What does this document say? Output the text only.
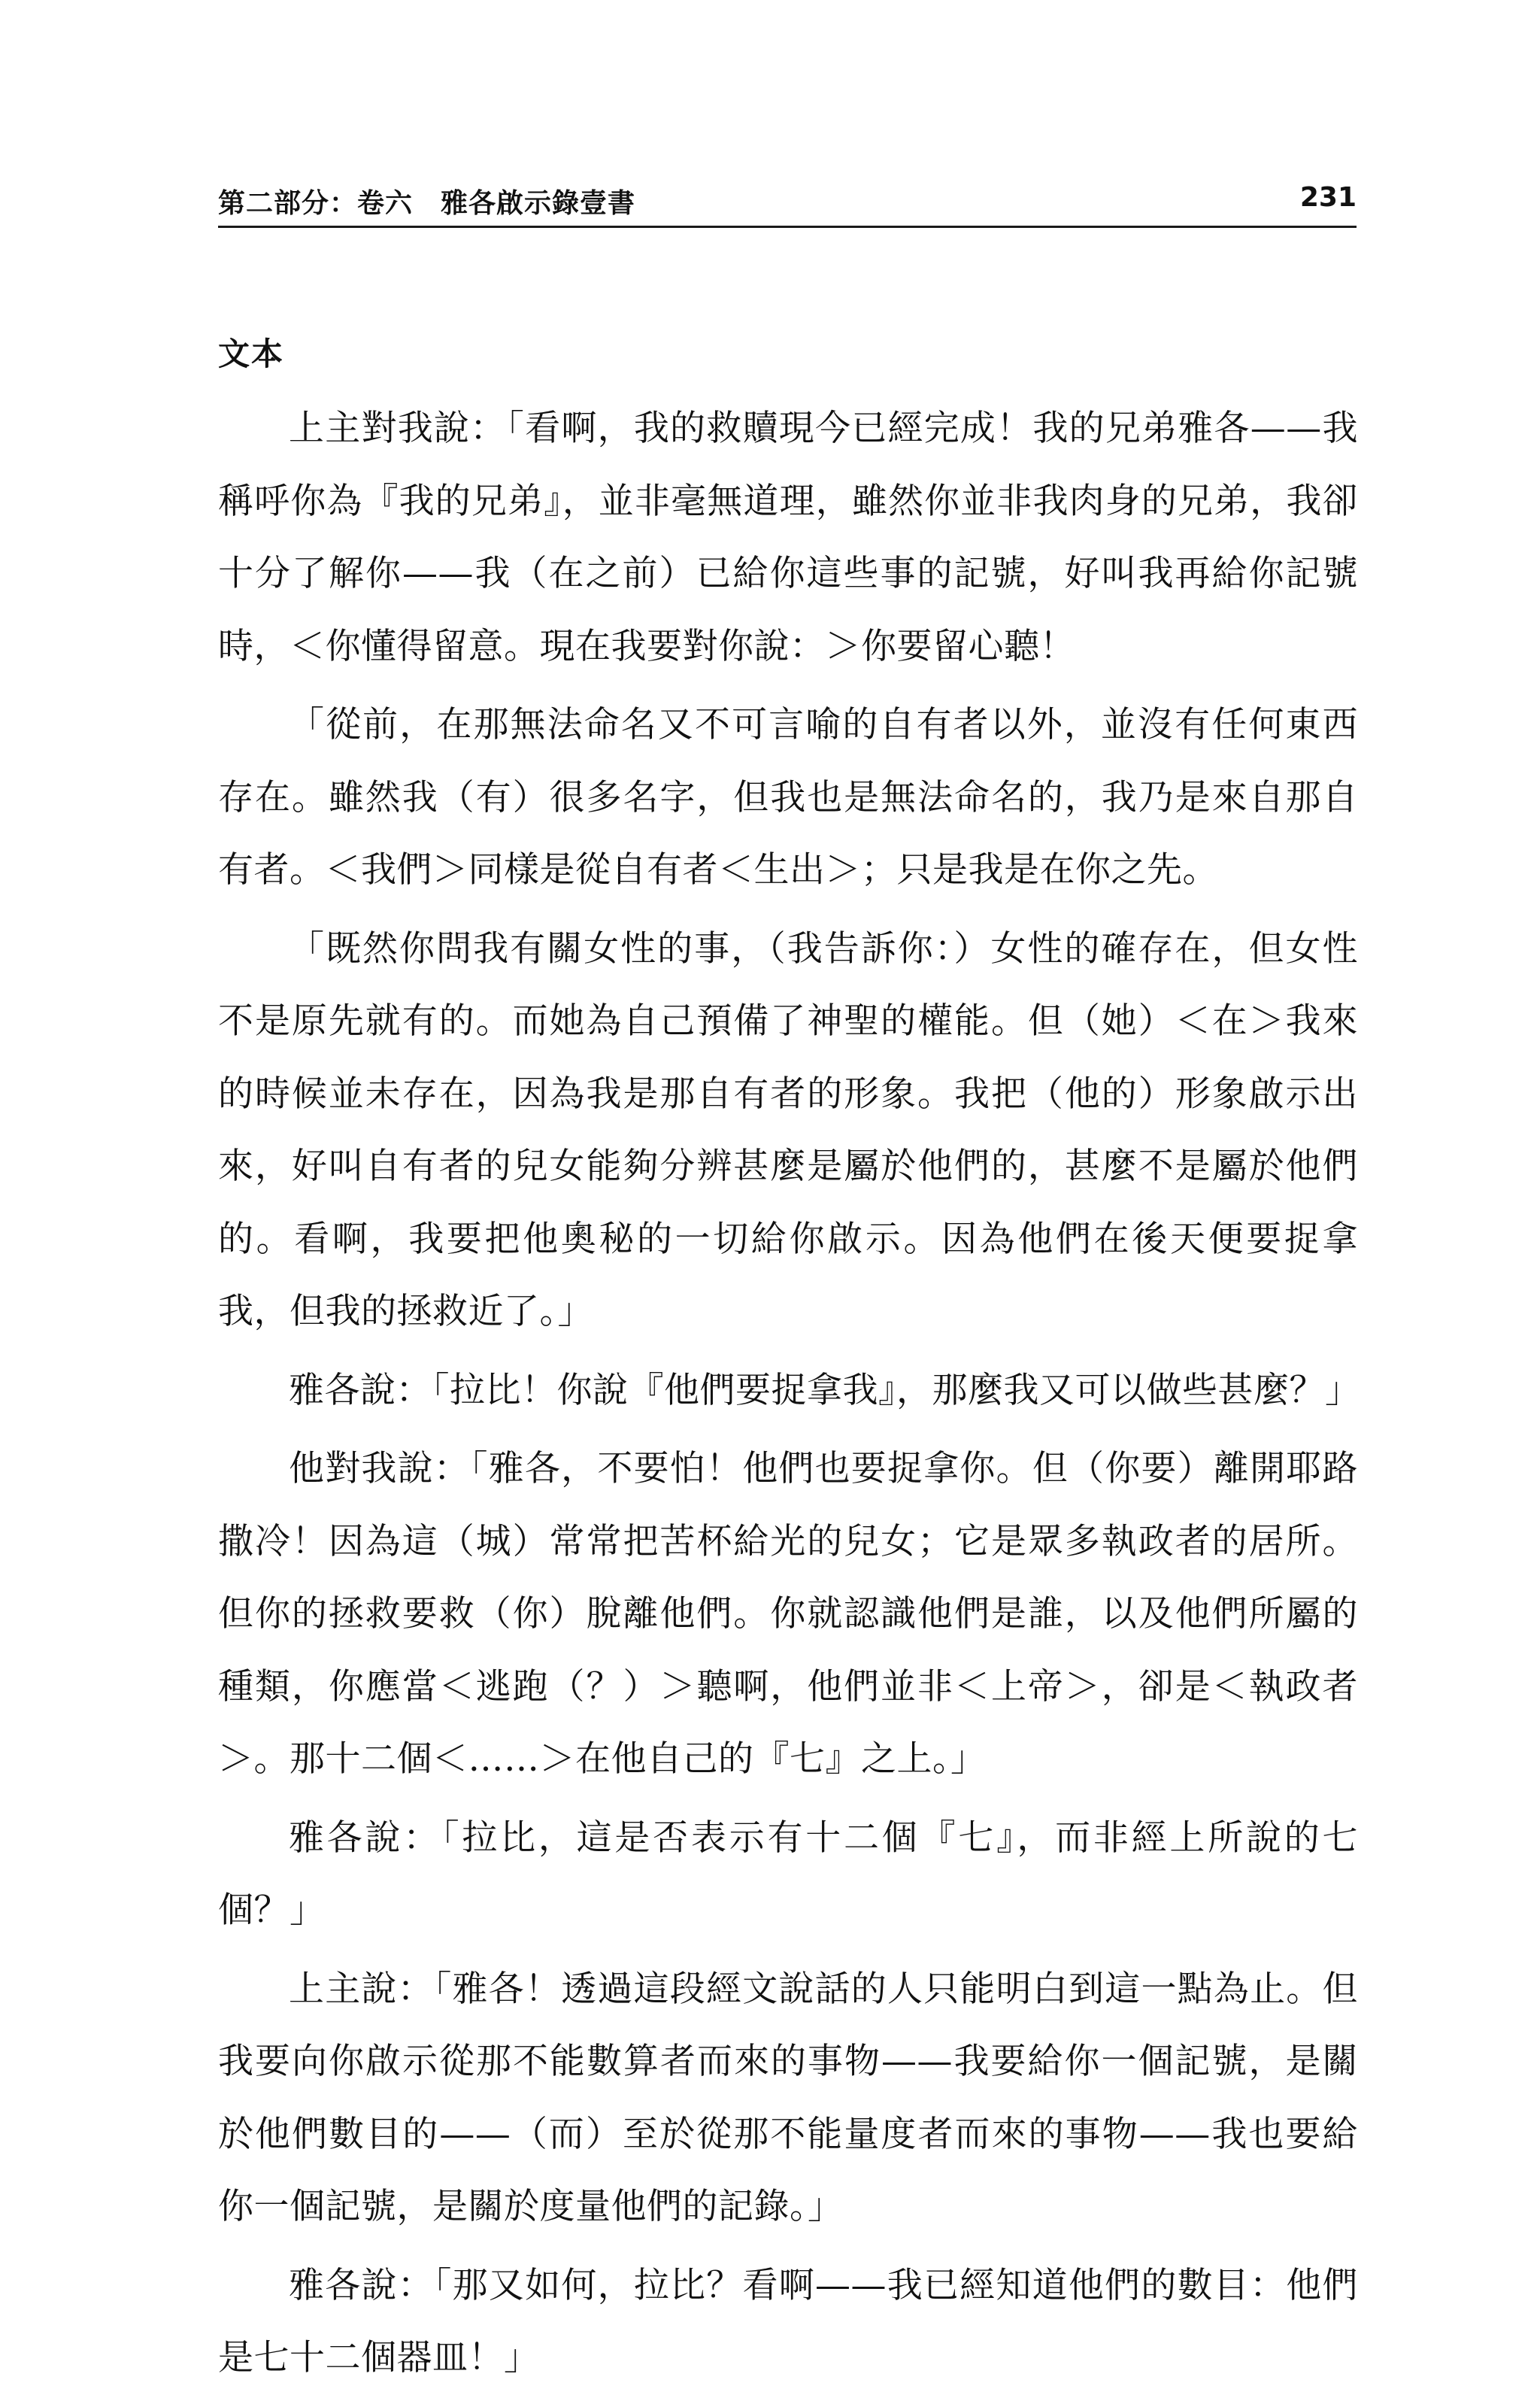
第二部分：卷六　雅各啟示錄壹書	231
文本

上主對我說：「看啊，我的救贖現今已經完成！我的兄弟雅各——我稱呼你為『我的兄弟』，並非毫無道理，雖然你並非我肉身的兄弟，我卻十分了解你——我（在之前）已給你這些事的記號，好叫我再給你記號時，＜你懂得留意。現在我要對你說：＞你要留心聽！

「從前，在那無法命名又不可言喻的自有者以外，並沒有任何東西存在。雖然我（有）很多名字，但我也是無法命名的，我乃是來自那自有者。＜我們＞同樣是從自有者＜生出＞；只是我是在你之先。

「既然你問我有關女性的事，（我告訴你：）女性的確存在，但女性不是原先就有的。而她為自己預備了神聖的權能。但（她）＜在＞我來的時候並未存在，因為我是那自有者的形象。我把（他的）形象啟示出來，好叫自有者的兒女能夠分辨甚麼是屬於他們的，甚麼不是屬於他們的。看啊，我要把他奧秘的一切給你啟示。因為他們在後天便要捉拿我，但我的拯救近了。」

雅各說：「拉比！你說『他們要捉拿我』，那麼我又可以做些甚麼？」

他對我說：「雅各，不要怕！他們也要捉拿你。但（你要）離開耶路撒冷！因為這（城）常常把苦杯給光的兒女；它是眾多執政者的居所。但你的拯救要救（你）脫離他們。你就認識他們是誰，以及他們所屬的種類，你應當＜逃跑（？）＞聽啊，他們並非＜上帝＞，卻是＜執政者＞。那十二個＜……＞在他自己的『七』之上。」

雅各說：「拉比，這是否表示有十二個『七』，而非經上所說的七個？」

上主說：「雅各！透過這段經文說話的人只能明白到這一點為止。但我要向你啟示從那不能數算者而來的事物——我要給你一個記號，是關於他們數目的——（而）至於從那不能量度者而來的事物——我也要給你一個記號，是關於度量他們的記錄。」

雅各說：「那又如何，拉比？看啊——我已經知道他們的數目：他們是七十二個器皿！」
